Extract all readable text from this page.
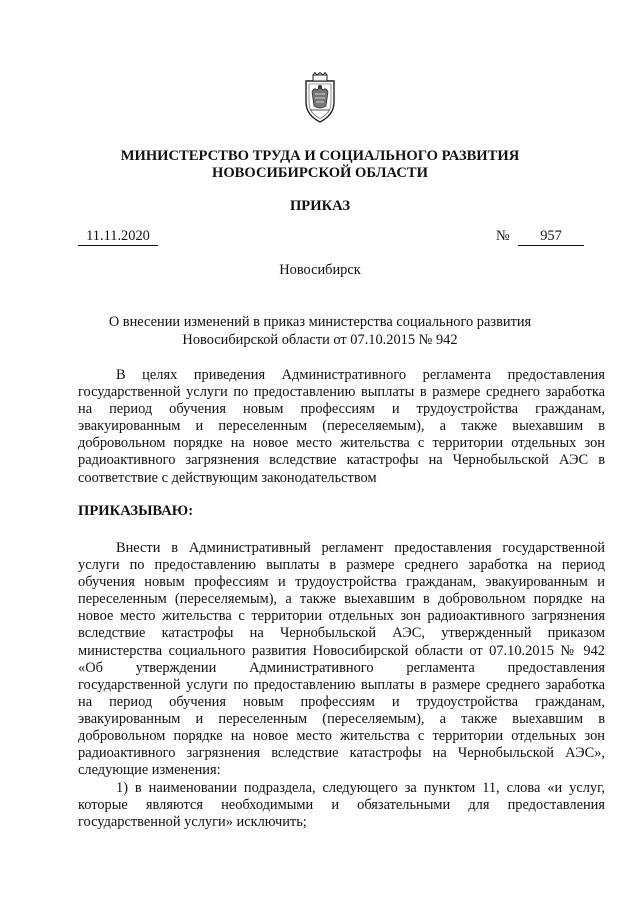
МИНИСТЕРСТВО ТРУДА И СОЦИАЛЬНОГО РАЗВИТИЯ
НОВОСИБИРСКОЙ ОБЛАСТИ
ПРИКАЗ
11.11.2020	№	957
Новосибирск
О внесении изменений в приказ министерства социального развития
Новосибирской области от 07.10.2015 № 942
В целях приведения Административного регламента предоставления
государственной услуги по предоставлению выплаты в размере среднего заработка
на период обучения новым профессиям и трудоустройства гражданам,
эвакуированным и переселенным (переселяемым), а также выехавшим в
добровольном порядке на новое место жительства с территории отдельных зон
радиоактивного загрязнения вследствие катастрофы на Чернобыльской АЭС в
соответствие с действующим законодательством
ПРИКАЗЫВАЮ:
Внести в Административный регламент предоставления государственной
услуги по предоставлению выплаты в размере среднего заработка на период
обучения новым профессиям и трудоустройства гражданам, эвакуированным и
переселенным (переселяемым), а также выехавшим в добровольном порядке на
новое место жительства с территории отдельных зон радиоактивного загрязнения
вследствие катастрофы на Чернобыльской АЭС, утвержденный приказом
министерства социального развития Новосибирской области от 07.10.2015 № 942
«Об утверждении Административного регламента предоставления
государственной услуги по предоставлению выплаты в размере среднего заработка
на период обучения новым профессиям и трудоустройства гражданам,
эвакуированным и переселенным (переселяемым), а также выехавшим в
добровольном порядке на новое место жительства с территории отдельных зон
радиоактивного загрязнения вследствие катастрофы на Чернобыльской АЭС»,
следующие изменения:
1) в наименовании подраздела, следующего за пунктом 11, слова «и услуг,
которые являются необходимыми и обязательными для предоставления
государственной услуги» исключить;
